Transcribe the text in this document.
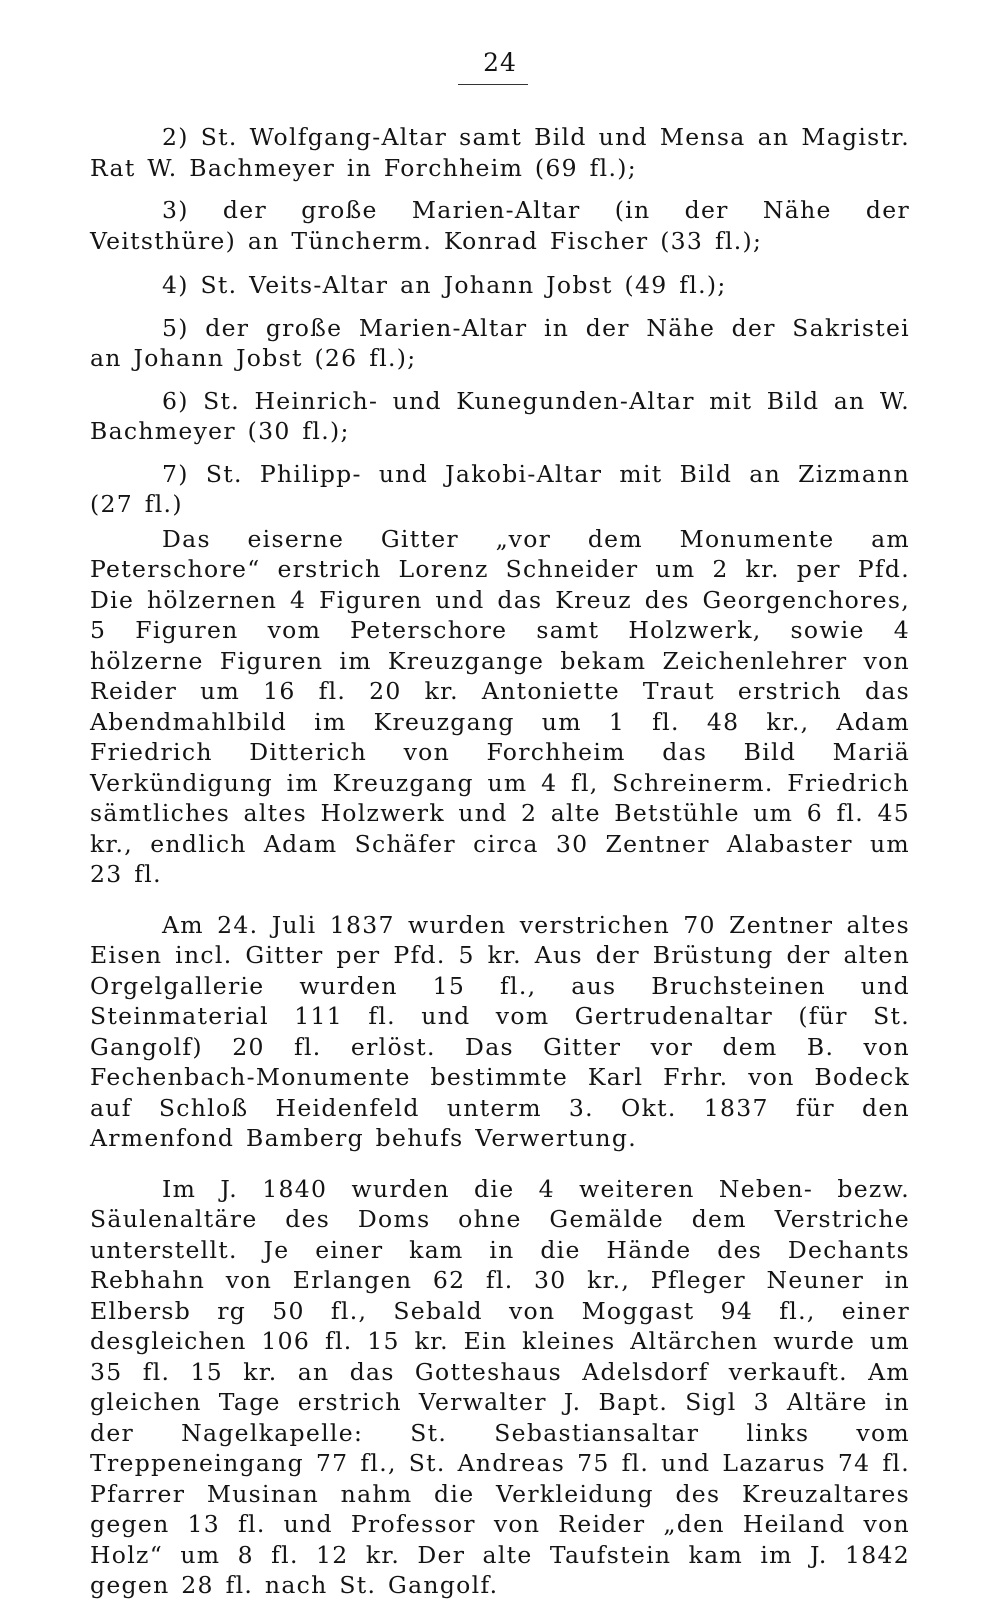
24

2) St. Wolfgang-Altar samt Bild und Mensa an Magistr. Rat W. Bachmeyer in Forchheim (69 fl.);

3) der große Marien-Altar (in der Nähe der Veitsthüre) an Tüncherm. Konrad Fischer (33 fl.);

4) St. Veits-Altar an Johann Jobst (49 fl.);

5) der große Marien-Altar in der Nähe der Sakristei an Johann Jobst (26 fl.);

6) St. Heinrich- und Kunegunden-Altar mit Bild an W. Bachmeyer (30 fl.);

7) St. Philipp- und Jakobi-Altar mit Bild an Zizmann (27 fl.)

Das eiserne Gitter „vor dem Monumente am Peterschore“ erstrich Lorenz Schneider um 2 kr. per Pfd. Die hölzernen 4 Figuren und das Kreuz des Georgenchores, 5 Figuren vom Peterschore samt Holzwerk, sowie 4 hölzerne Figuren im Kreuzgange bekam Zeichenlehrer von Reider um 16 fl. 20 kr. Antoniette Traut erstrich das Abendmahlbild im Kreuzgang um 1 fl. 48 kr., Adam Friedrich Ditterich von Forchheim das Bild Mariä Verkündigung im Kreuzgang um 4 fl, Schreinerm. Friedrich sämtliches altes Holzwerk und 2 alte Betstühle um 6 fl. 45 kr., endlich Adam Schäfer circa 30 Zentner Alabaster um 23 fl.

Am 24. Juli 1837 wurden verstrichen 70 Zentner altes Eisen incl. Gitter per Pfd. 5 kr. Aus der Brüstung der alten Orgelgallerie wurden 15 fl., aus Bruchsteinen und Steinmaterial 111 fl. und vom Gertrudenaltar (für St. Gangolf) 20 fl. erlöst. Das Gitter vor dem B. von Fechenbach-Monumente bestimmte Karl Frhr. von Bodeck auf Schloß Heidenfeld unterm 3. Okt. 1837 für den Armenfond Bamberg behufs Verwertung.

Im J. 1840 wurden die 4 weiteren Neben- bezw. Säulenaltäre des Doms ohne Gemälde dem Verstriche unterstellt. Je einer kam in die Hände des Dechants Rebhahn von Erlangen 62 fl. 30 kr., Pfleger Neuner in Elbersb rg 50 fl., Sebald von Moggast 94 fl., einer desgleichen 106 fl. 15 kr. Ein kleines Altärchen wurde um 35 fl. 15 kr. an das Gotteshaus Adelsdorf verkauft. Am gleichen Tage erstrich Verwalter J. Bapt. Sigl 3 Altäre in der Nagelkapelle: St. Sebastiansaltar links vom Treppeneingang 77 fl., St. Andreas 75 fl. und Lazarus 74 fl. Pfarrer Musinan nahm die Verkleidung des Kreuzaltares gegen 13 fl. und Professor von Reider „den Heiland von Holz“ um 8 fl. 12 kr. Der alte Taufstein kam im J. 1842 gegen 28 fl. nach St. Gangolf.
